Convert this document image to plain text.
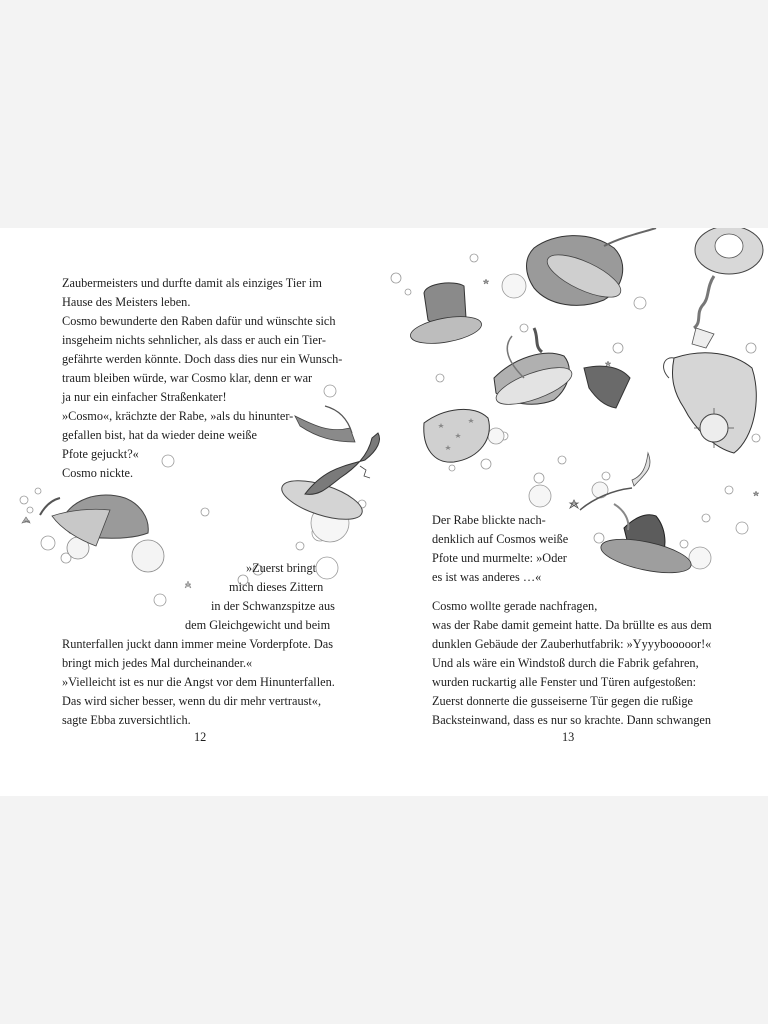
Zaubermeisters und durfte damit als einziges Tier im
Hause des Meisters leben.
Cosmo bewunderte den Raben dafür und wünschte sich
insgeheim nichts sehnlicher, als dass er auch ein Tier-
gefährte werden könnte. Doch dass dies nur ein Wunsch-
traum bleiben würde, war Cosmo klar, denn er war
ja nur ein einfacher Straßenkater!
»Cosmo«, krächzte der Rabe, »als du hinunter-
gefallen bist, hat da wieder deine weiße
Pfote gejuckt?«
Cosmo nickte.
»Zuerst bringt
mich dieses Zittern
in der Schwanzspitze aus
dem Gleichgewicht und beim
Runterfallen juckt dann immer meine Vorderpfote. Das
bringt mich jedes Mal durcheinander.«
»Vielleicht ist es nur die Angst vor dem Hinunterfallen.
Das wird sicher besser, wenn du dir mehr vertraust«,
sagte Ebba zuversichtlich.
12
Der Rabe blickte nach-
denklich auf Cosmos weiße
Pfote und murmelte: »Oder
es ist was anderes …«
Cosmo wollte gerade nachfragen,
was der Rabe damit gemeint hatte. Da brüllte es aus dem
dunklen Gebäude der Zauberhutfabrik: »Yyyybooooor!«
Und als wäre ein Windstoß durch die Fabrik gefahren,
wurden ruckartig alle Fenster und Türen aufgestoßen:
Zuerst donnerte die gusseiserne Tür gegen die rußige
Backsteinwand, dass es nur so krachte. Dann schwangen
13
